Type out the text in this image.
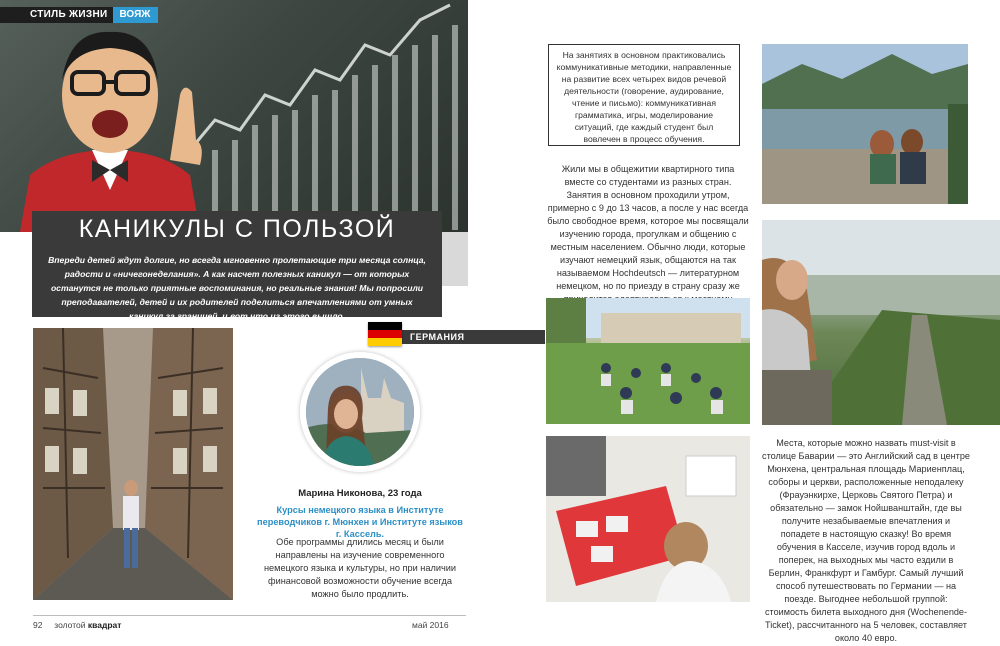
СТИЛЬ ЖИЗНИ	ВОЯЖ
КАНИКУЛЫ С ПОЛЬЗОЙ

Впереди детей ждут долгие, но всегда мгновенно пролетающие три месяца солнца, радости и «ничегонеделания». А как насчет полезных каникул — от которых останутся не только приятные воспоминания, но реальные знания! Мы попросили преподавателей, детей и их родителей поделиться впечатлениями от умных каникул за границей, и вот что из этого вышло.

ГЕРМАНИЯ
Марина Никонова, 23 года
Курсы немецкого языка в Институте переводчиков г. Мюнхен и Институте языков г. Кассель.
Обе программы длились месяц и были направлены на изучение современного немецкого языка и культуры, но при наличии финансовой возможности обучение всегда можно было продлить.
92 золотой квадрат	май 2016

На занятиях в основном практиковались коммуникативные методики, направленные на развитие всех четырех видов речевой деятельности (говорение, аудирование, чтение и письмо): коммуникативная грамматика, игры, моделирование ситуаций, где каждый студент был вовлечен в процесс обучения.

Жили мы в общежитии квартирного типа вместе со студентами из разных стран. Занятия в основном проходили утром, примерно с 9 до 13 часов, а после у нас всегда было свободное время, которое мы посвящали изучению города, прогулкам и общению с местным населением. Обычно люди, которые изучают немецкий язык, общаются на так называемом Hochdeutsch — литературном немецком, но по приезду в страну сразу же

Места, которые можно назвать must-visit в столице Баварии — это Английский сад в центре Мюнхена, центральная площадь Мариенплац, соборы и церкви, расположенные неподалеку (Фрауэнкирхе, Церковь Святого Петра) и обязательно — замок Нойшванштайн, где вы получите незабываемые впечатления и попадете в настоящую сказку! Во время обучения в Касселе, изучив город вдоль и поперек, на выходных мы часто ездили в Берлин, Франкфурт и Гамбург. Самый лучший способ путешествовать по Германии — на поезде. Выгоднее небольшой группой: стоимость билета выходного дня (Wochenende-Ticket), рассчитанного на 5 человек, составляет около 40 евро.
